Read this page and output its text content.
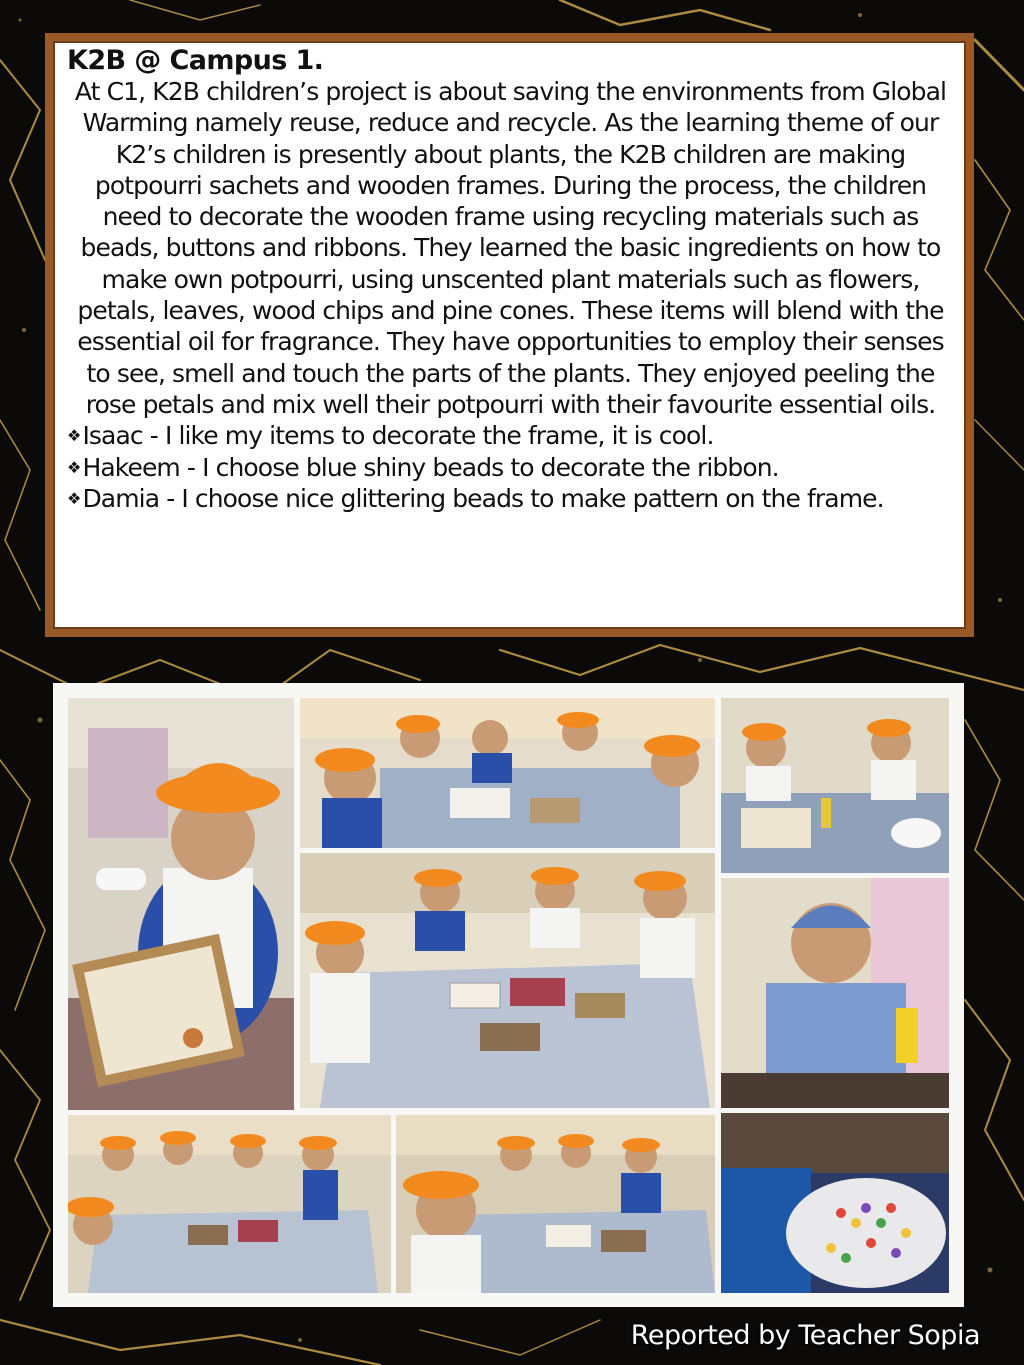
K2B @ Campus 1.

At C1, K2B children’s project is about saving the environments from Global Warming namely reuse, reduce and recycle. As the learning theme of our K2’s children is presently about plants, the K2B children are making potpourri sachets and wooden frames. During the process, the children need to decorate the wooden frame using recycling materials such as beads, buttons and ribbons. They learned the basic ingredients on how to make own potpourri, using unscented plant materials such as flowers, petals, leaves, wood chips and pine cones. These items will blend with the essential oil for fragrance. They have opportunities to employ their senses to see, smell and touch the parts of the plants. They enjoyed peeling the rose petals and mix well their potpourri with their favourite essential oils.

❖Isaac - I like my items to decorate the frame, it is cool.
❖Hakeem - I choose blue shiny beads to decorate the ribbon.
❖Damia - I choose nice glittering beads to make pattern on the frame.
Reported by Teacher Sopia
